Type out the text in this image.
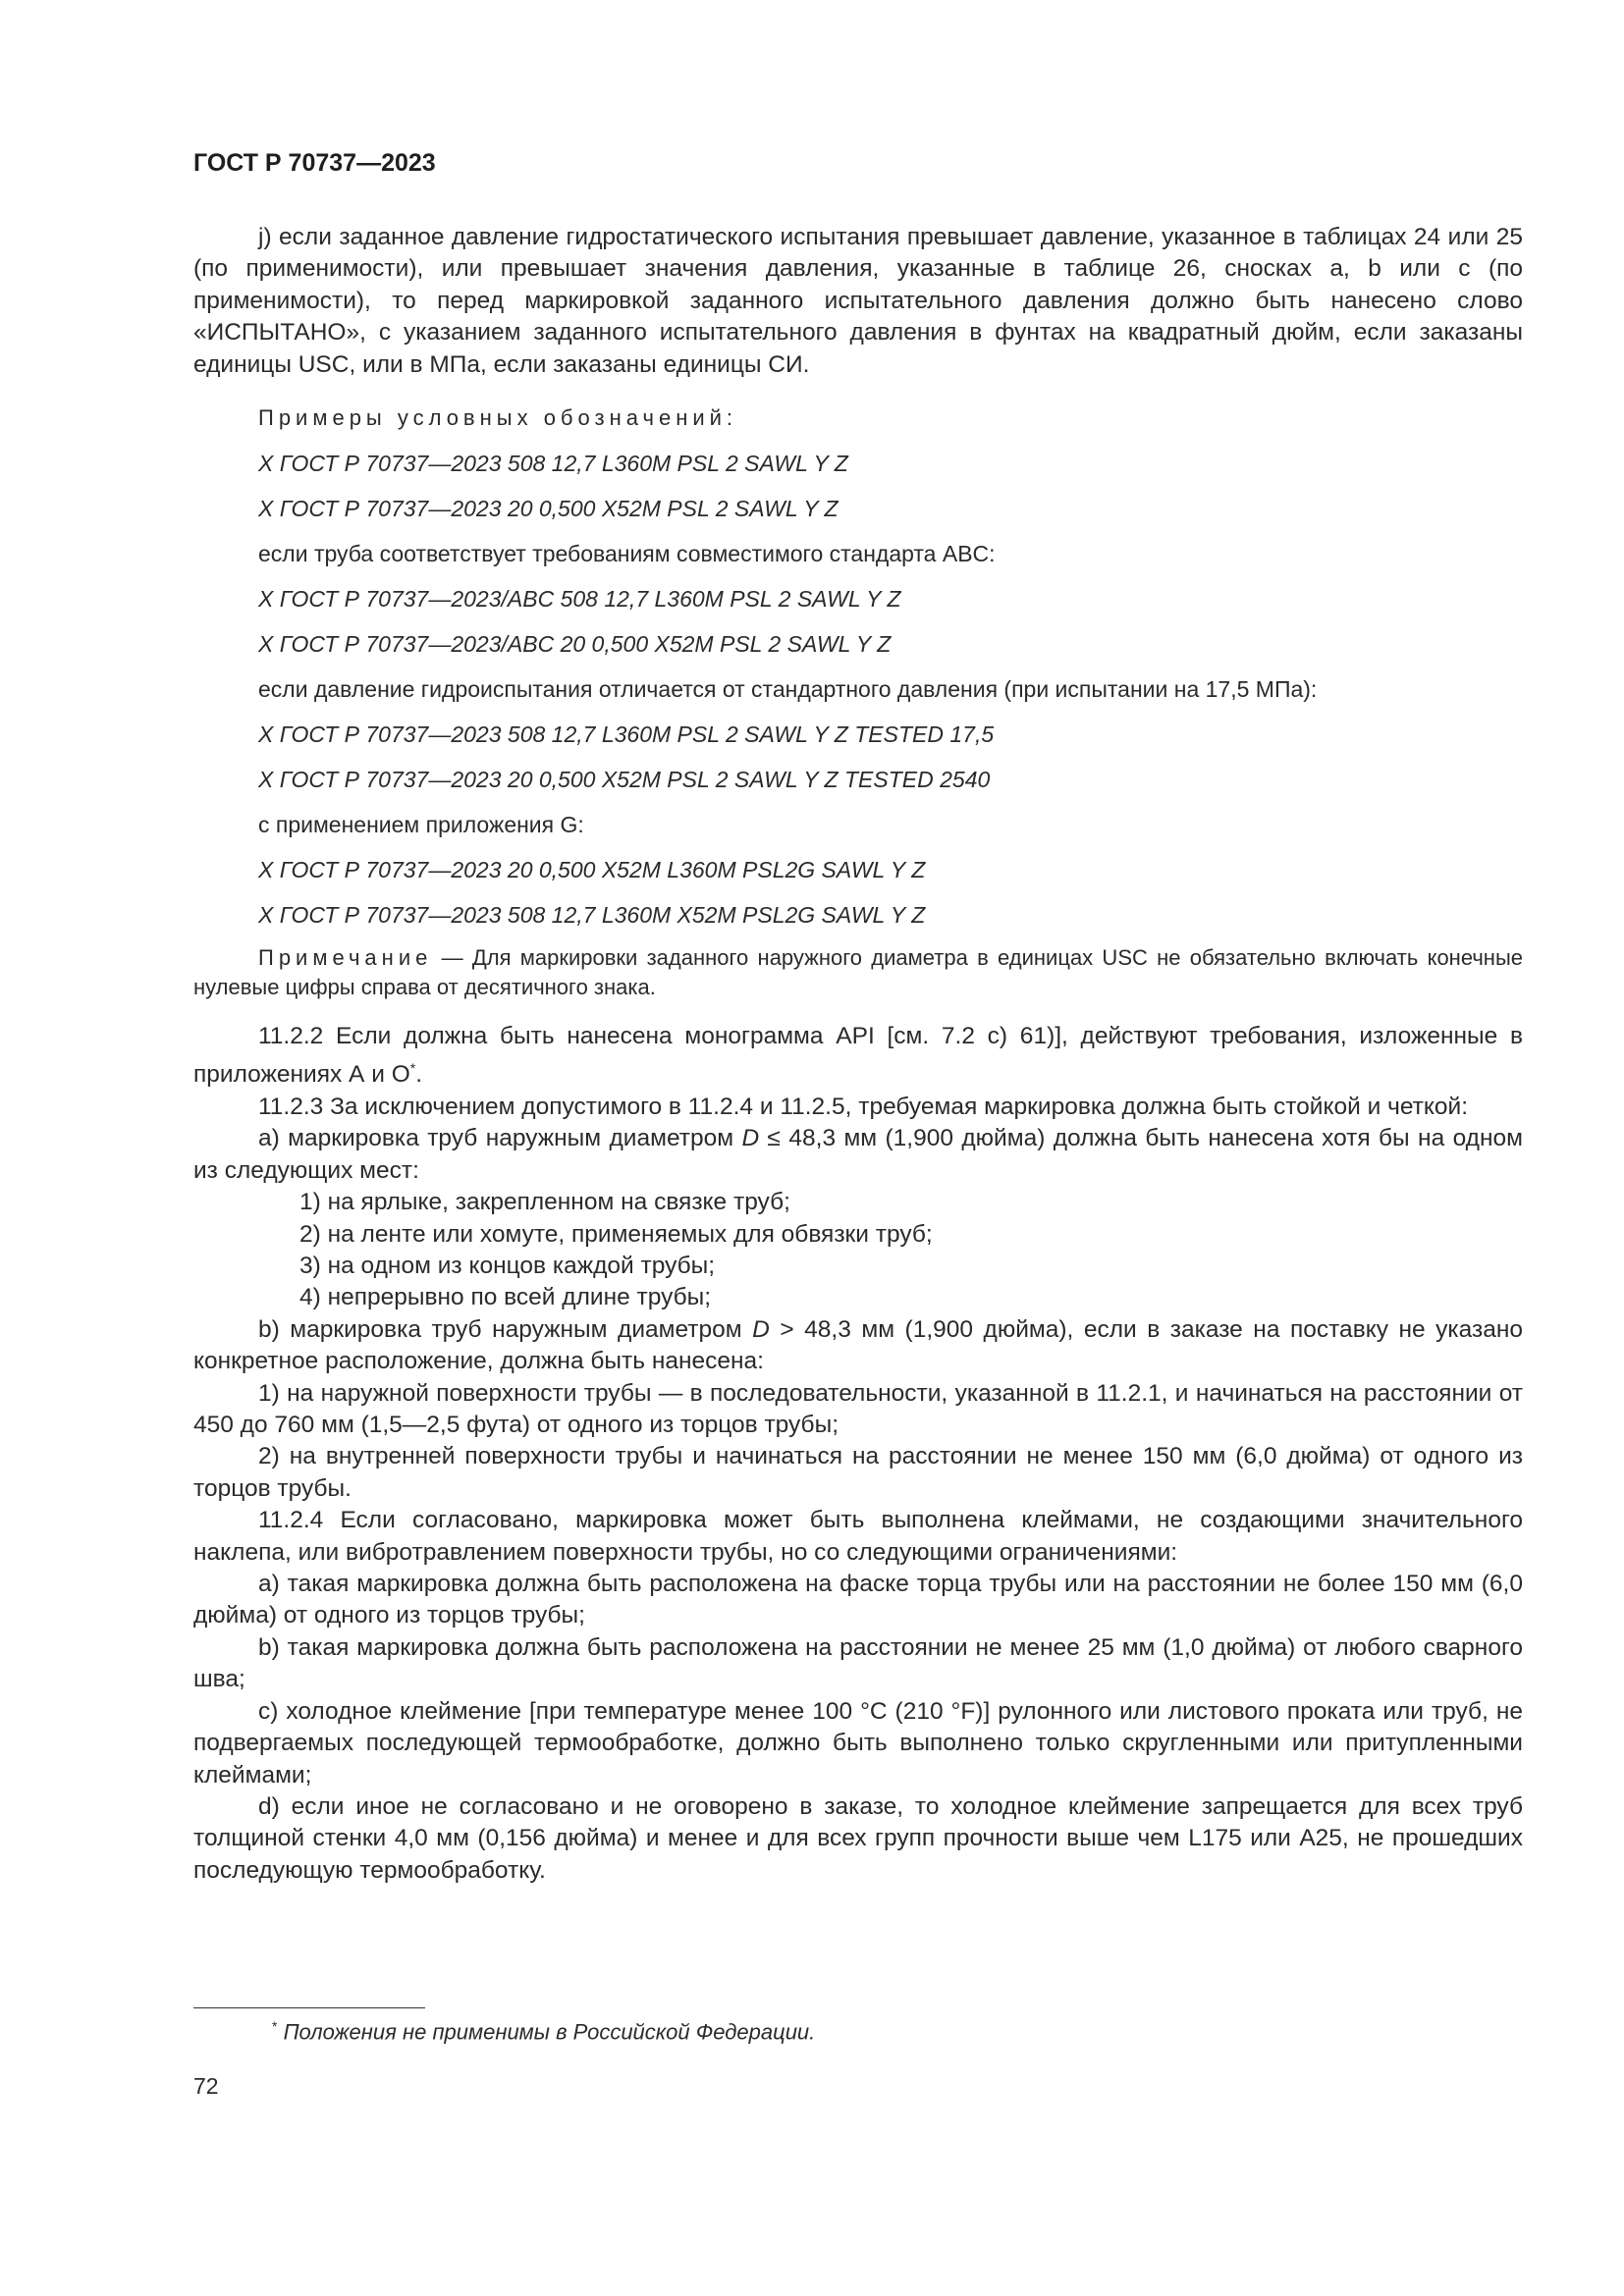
ГОСТ Р 70737—2023

j) если заданное давление гидростатического испытания превышает давление, указанное в таблицах 24 или 25 (по применимости), или превышает значения давления, указанные в таблице 26, сносках a, b или c (по применимости), то перед маркировкой заданного испытательного давления должно быть нанесено слово «ИСПЫТАНО», с указанием заданного испытательного давления в фунтах на квадратный дюйм, если заказаны единицы USC, или в МПа, если заказаны единицы СИ.

Примеры условных обозначений:
X ГОСТ Р 70737—2023 508 12,7 L360M PSL 2 SAWL Y Z
X ГОСТ Р 70737—2023 20 0,500 X52M PSL 2 SAWL Y Z
если труба соответствует требованиям совместимого стандарта ABC:
X ГОСТ Р 70737—2023/ABC 508 12,7 L360M PSL 2 SAWL Y Z
X ГОСТ Р 70737—2023/ABC 20 0,500 X52M PSL 2 SAWL Y Z
если давление гидроиспытания отличается от стандартного давления (при испытании на 17,5 МПа):
X ГОСТ Р 70737—2023 508 12,7 L360M PSL 2 SAWL Y Z TESTED 17,5
X ГОСТ Р 70737—2023 20 0,500 X52M PSL 2 SAWL Y Z TESTED 2540
с применением приложения G:
X ГОСТ Р 70737—2023 20 0,500 X52M L360M PSL2G SAWL Y Z
X ГОСТ Р 70737—2023 508 12,7 L360M X52M PSL2G SAWL Y Z
Примечание — Для маркировки заданного наружного диаметра в единицах USC не обязательно включать конечные нулевые цифры справа от десятичного знака.

11.2.2 Если должна быть нанесена монограмма API [см. 7.2 с) 61)], действуют требования, изложенные в приложениях А и О*.

11.2.3 За исключением допустимого в 11.2.4 и 11.2.5, требуемая маркировка должна быть стойкой и четкой:

а) маркировка труб наружным диаметром D ≤ 48,3 мм (1,900 дюйма) должна быть нанесена хотя бы на одном из следующих мест:

1) на ярлыке, закрепленном на связке труб;

2) на ленте или хомуте, применяемых для обвязки труб;

3) на одном из концов каждой трубы;

4) непрерывно по всей длине трубы;

b) маркировка труб наружным диаметром D > 48,3 мм (1,900 дюйма), если в заказе на поставку не указано конкретное расположение, должна быть нанесена:

1) на наружной поверхности трубы — в последовательности, указанной в 11.2.1, и начинаться на расстоянии от 450 до 760 мм (1,5—2,5 фута) от одного из торцов трубы;

2) на внутренней поверхности трубы и начинаться на расстоянии не менее 150 мм (6,0 дюйма) от одного из торцов трубы.

11.2.4 Если согласовано, маркировка может быть выполнена клеймами, не создающими значительного наклепа, или вибротравлением поверхности трубы, но со следующими ограничениями:

а) такая маркировка должна быть расположена на фаске торца трубы или на расстоянии не более 150 мм (6,0 дюйма) от одного из торцов трубы;

b) такая маркировка должна быть расположена на расстоянии не менее 25 мм (1,0 дюйма) от любого сварного шва;

c) холодное клеймение [при температуре менее 100 °С (210 °F)] рулонного или листового проката или труб, не подвергаемых последующей термообработке, должно быть выполнено только скругленными или притупленными клеймами;

d) если иное не согласовано и не оговорено в заказе, то холодное клеймение запрещается для всех труб толщиной стенки 4,0 мм (0,156 дюйма) и менее и для всех групп прочности выше чем L175 или А25, не прошедших последующую термообработку.

* Положения не применимы в Российской Федерации.
72
